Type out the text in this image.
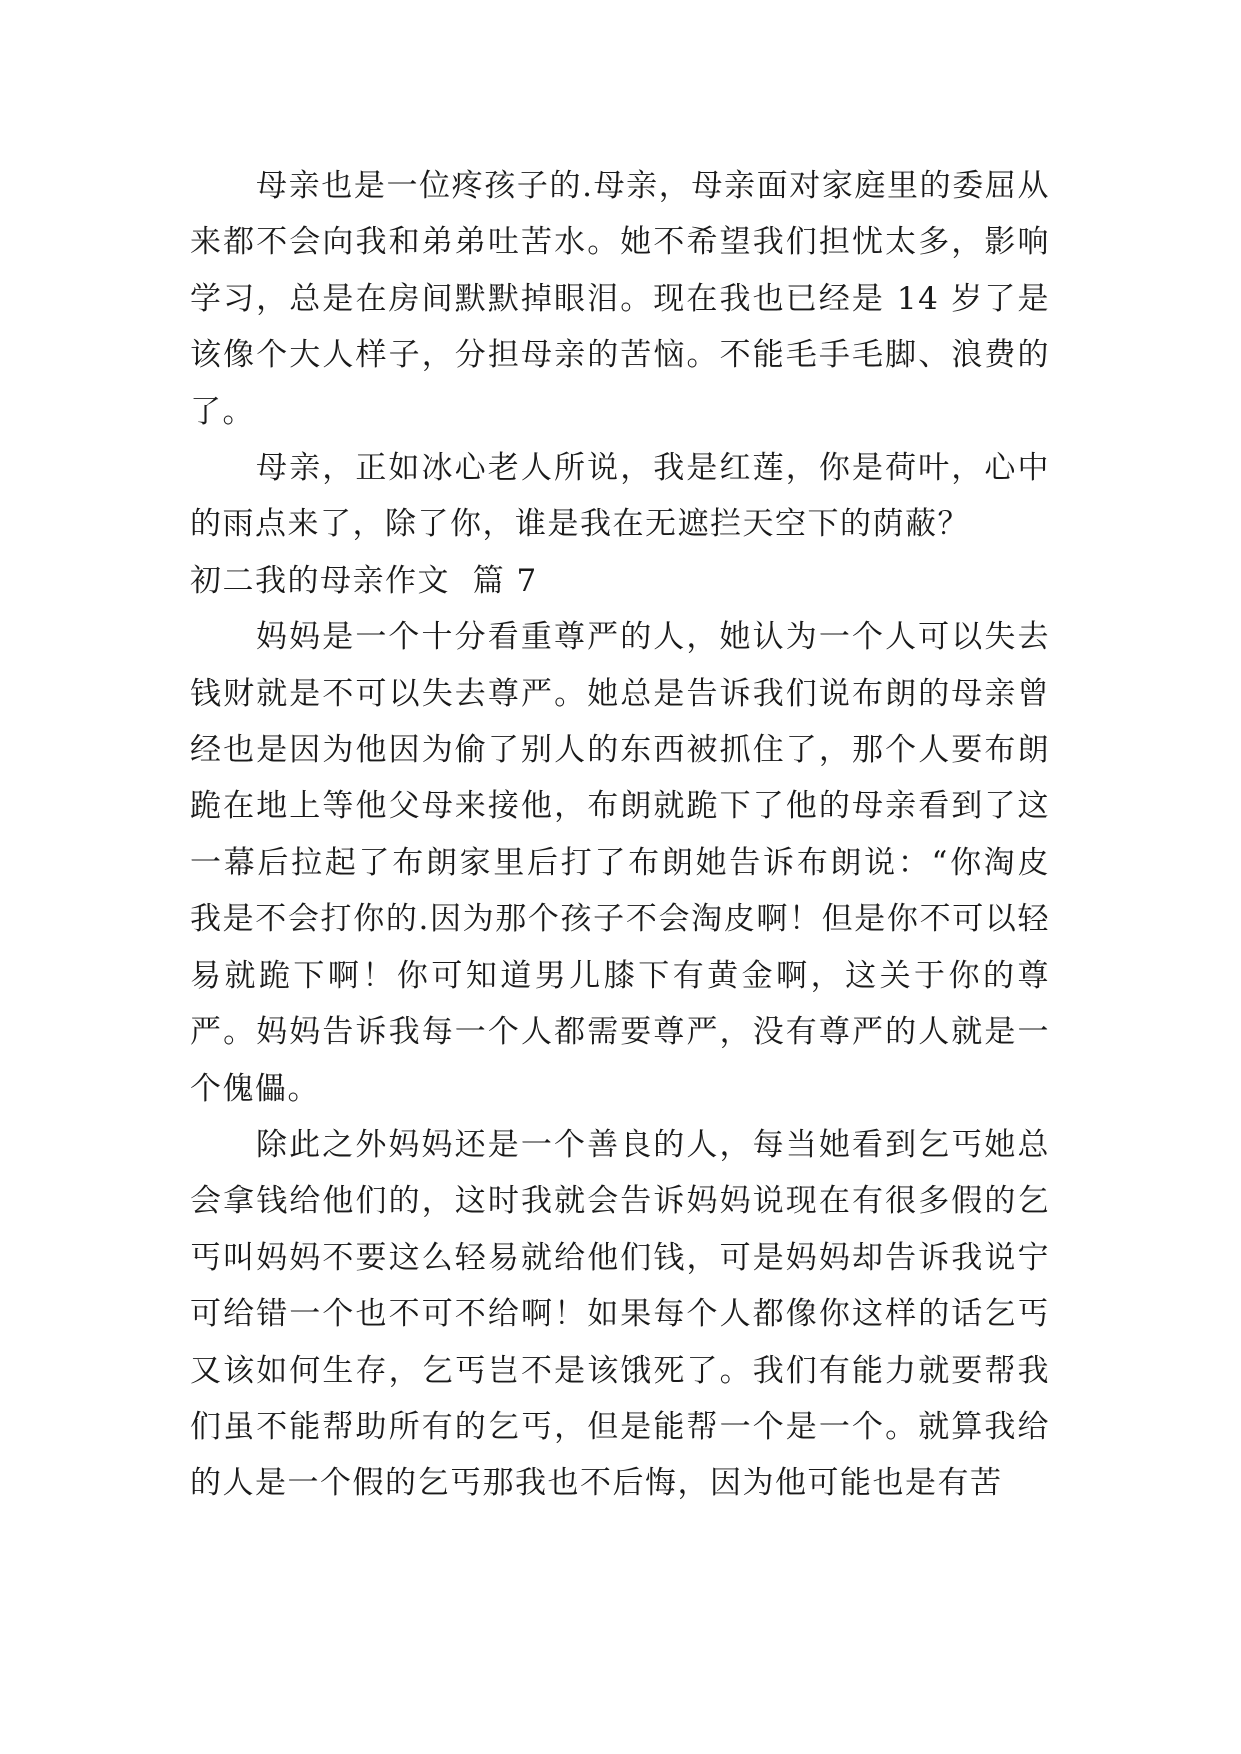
母亲也是一位疼孩子的.母亲，母亲面对家庭里的委屈从来都不会向我和弟弟吐苦水。她不希望我们担忧太多，影响学习，总是在房间默默掉眼泪。现在我也已经是 14 岁了是该像个大人样子，分担母亲的苦恼。不能毛手毛脚、浪费的了。

母亲，正如冰心老人所说，我是红莲，你是荷叶，心中的雨点来了，除了你，谁是我在无遮拦天空下的荫蔽？

初二我的母亲作文  篇 7

妈妈是一个十分看重尊严的人，她认为一个人可以失去钱财就是不可以失去尊严。她总是告诉我们说布朗的母亲曾经也是因为他因为偷了别人的东西被抓住了，那个人要布朗跪在地上等他父母来接他，布朗就跪下了他的母亲看到了这一幕后拉起了布朗家里后打了布朗她告诉布朗说：“你淘皮我是不会打你的.因为那个孩子不会淘皮啊！但是你不可以轻易就跪下啊！你可知道男儿膝下有黄金啊，这关于你的尊严。妈妈告诉我每一个人都需要尊严，没有尊严的人就是一个傀儡。

除此之外妈妈还是一个善良的人，每当她看到乞丐她总会拿钱给他们的，这时我就会告诉妈妈说现在有很多假的乞丐叫妈妈不要这么轻易就给他们钱，可是妈妈却告诉我说宁可给错一个也不可不给啊！如果每个人都像你这样的话乞丐又该如何生存，乞丐岂不是该饿死了。我们有能力就要帮我们虽不能帮助所有的乞丐，但是能帮一个是一个。就算我给的人是一个假的乞丐那我也不后悔，因为他可能也是有苦
